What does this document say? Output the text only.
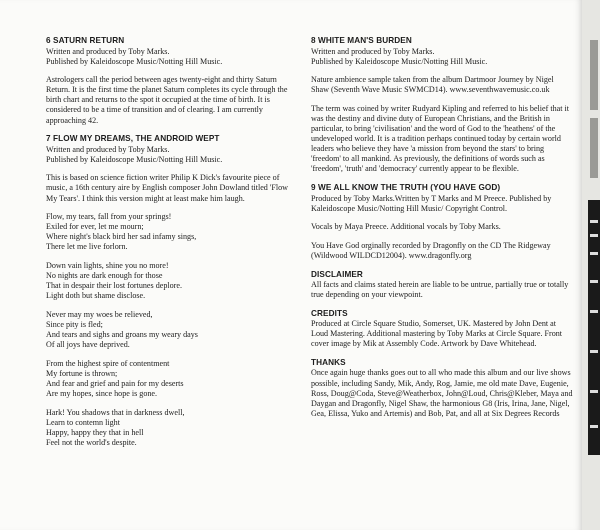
6 SATURN RETURN
Written and produced by Toby Marks.

Published by Kaleidoscope Music/Notting Hill Music.

Astrologers call the period between ages twenty-eight and thirty Saturn Return. It is the first time the planet Saturn completes its cycle through the birth chart and returns to the spot it occupied at the time of birth. It is considered to be a time of transition and of clearing. I am currently approaching 42.

7 FLOW MY DREAMS, THE ANDROID WEPT
Written and produced by Toby Marks.

Published by Kaleidoscope Music/Notting Hill Music.

This is based on science fiction writer Philip K Dick's favourite piece of music, a 16th century aire by English composer John Dowland titled 'Flow My Tears'. I think this version might at least make him laugh.

Flow, my tears, fall from your springs!
Exiled for ever, let me mourn;
Where night's black bird her sad infamy sings,
There let me live forlorn.

Down vain lights, shine you no more!
No nights are dark enough for those
That in despair their lost fortunes deplore.
Light doth but shame disclose.

Never may my woes be relieved,
Since pity is fled;
And tears and sighs and groans my weary days
Of all joys have deprived.

From the highest spire of contentment
My fortune is thrown;
And fear and grief and pain for my deserts
Are my hopes, since hope is gone.

Hark! You shadows that in darkness dwell,
Learn to contemn light
Happy, happy they that in hell
Feel not the world's despite.

8 WHITE MAN'S BURDEN
Written and produced by Toby Marks.

Published by Kaleidoscope Music/Notting Hill Music.

Nature ambience sample taken from the album Dartmoor Journey by Nigel Shaw (Seventh Wave Music SWMCD14). www.seventhwavemusic.co.uk

The term was coined by writer Rudyard Kipling and referred to his belief that it was the destiny and divine duty of European Christians, and the British in particular, to bring 'civilisation' and the word of God to the 'heathens' of the undeveloped world. It is a tradition perhaps continued today by certain world leaders who believe they have 'a mission from beyond the stars' to bring 'freedom' to all mankind. As previously, the definitions of words such as 'freedom', 'truth' and 'democracy' currently appear to be flexible.

9 WE ALL KNOW THE TRUTH (YOU HAVE GOD)

Produced by Toby Marks.Written by T Marks and M Preece. Published by Kaleidoscope Music/Notting Hill Music/ Copyright Control.

Vocals by Maya Preece. Additional vocals by Toby Marks.

You Have God orginally recorded by Dragonfly on the CD The Ridgeway (Wildwood WILDCD12004). www.dragonfly.org

DISCLAIMER

All facts and claims stated herein are liable to be untrue, partially true or totally true depending on your viewpoint.

CREDITS

Produced at Circle Square Studio, Somerset, UK. Mastered by John Dent at Loud Mastering. Additional mastering by Toby Marks at Circle Square. Front cover image by Mik at Assembly Code. Artwork by Dave Whitehead.

THANKS

Once again huge thanks goes out to all who made this album and our live shows possible, including Sandy, Mik, Andy, Rog, Jamie, me old mate Dave, Eugenie, Ross, Doug@Coda, Steve@Weatherbox, John@Loud, Chris@Kleber, Maya and Daygan and Dragonfly, Nigel Shaw, the harmonious G8 (Iris, Irina, Jane, Nigel, Gea, Elissa, Yuko and Artemis) and Bob, Pat, and all at Six Degrees Records
